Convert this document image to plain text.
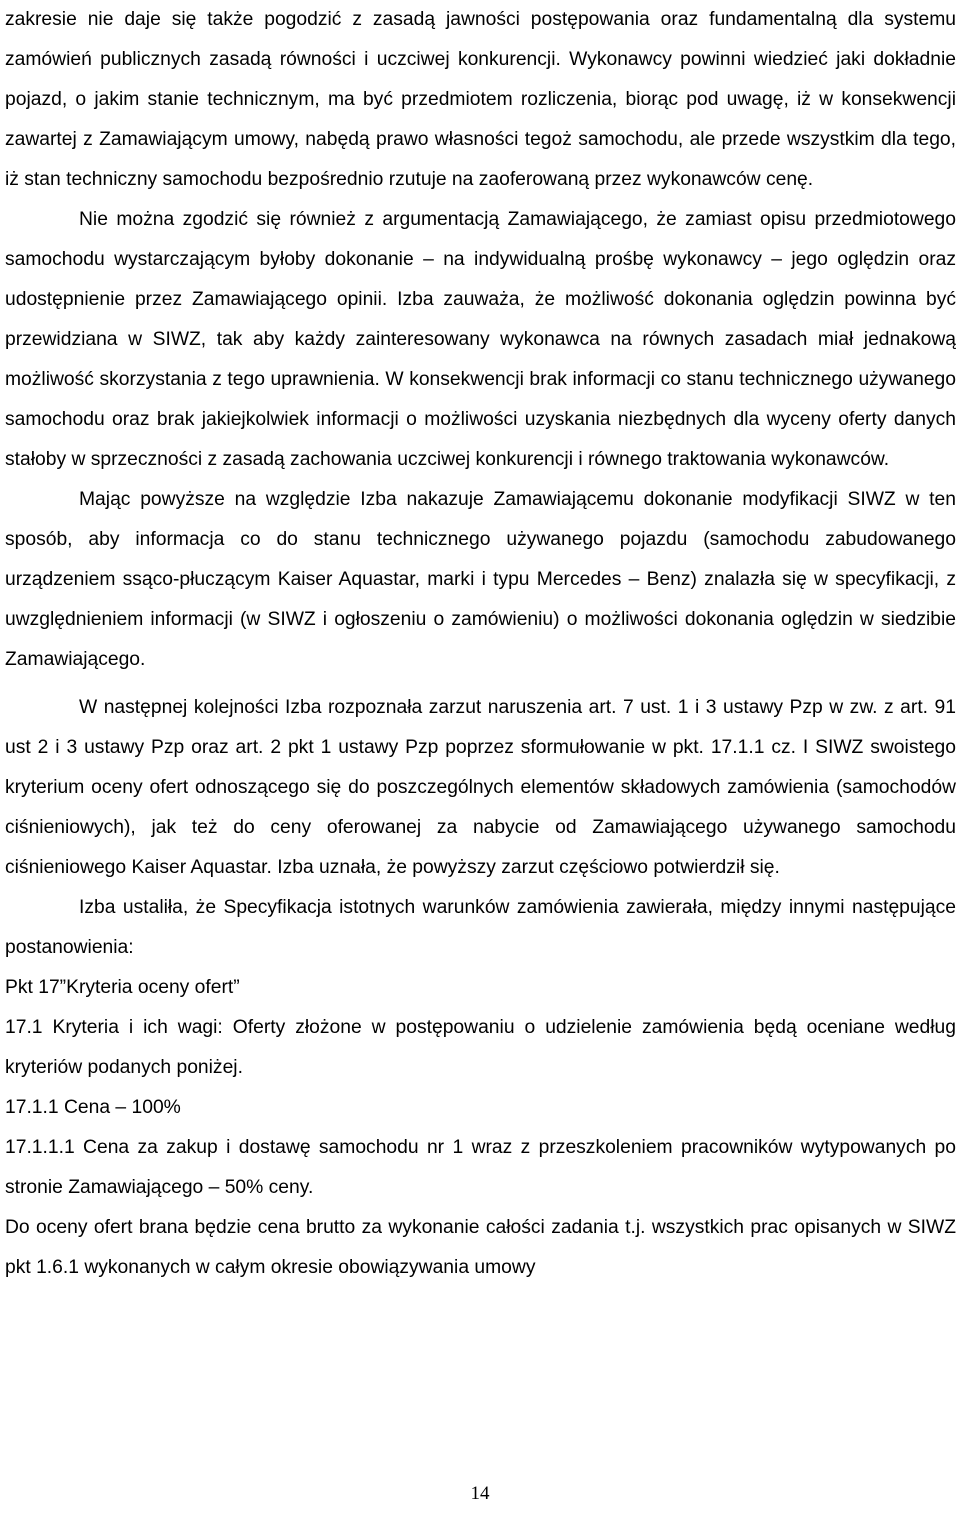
zakresie nie daje się także pogodzić z zasadą jawności postępowania oraz fundamentalną dla systemu zamówień publicznych zasadą równości i uczciwej konkurencji. Wykonawcy powinni wiedzieć jaki dokładnie pojazd, o jakim stanie technicznym, ma być przedmiotem rozliczenia, biorąc pod uwagę, iż w konsekwencji zawartej z Zamawiającym umowy, nabędą prawo własności tegoż samochodu, ale przede wszystkim dla tego, iż stan techniczny samochodu bezpośrednio rzutuje na zaoferowaną przez wykonawców cenę.

Nie można zgodzić się również z argumentacją Zamawiającego, że zamiast opisu przedmiotowego samochodu wystarczającym byłoby dokonanie – na indywidualną prośbę wykonawcy – jego oględzin oraz udostępnienie przez Zamawiającego opinii. Izba zauważa, że możliwość dokonania oględzin powinna być przewidziana w SIWZ, tak aby każdy zainteresowany wykonawca na równych zasadach miał jednakową możliwość skorzystania z tego uprawnienia. W konsekwencji brak informacji co stanu technicznego używanego samochodu oraz brak jakiejkolwiek informacji o możliwości uzyskania niezbędnych dla wyceny oferty danych stałoby w sprzeczności z zasadą zachowania uczciwej konkurencji i równego traktowania wykonawców.

Mając powyższe na względzie Izba nakazuje Zamawiającemu dokonanie modyfikacji SIWZ w ten sposób, aby informacja co do stanu technicznego używanego pojazdu (samochodu zabudowanego urządzeniem ssąco-płuczącym Kaiser Aquastar, marki i typu Mercedes – Benz) znalazła się w specyfikacji, z uwzględnieniem informacji (w SIWZ i ogłoszeniu o zamówieniu) o możliwości dokonania oględzin w siedzibie Zamawiającego.

W następnej kolejności Izba rozpoznała zarzut naruszenia art. 7 ust. 1 i 3 ustawy Pzp w zw. z art. 91 ust 2 i 3 ustawy Pzp oraz art. 2 pkt 1 ustawy Pzp poprzez sformułowanie w pkt. 17.1.1 cz. I SIWZ swoistego kryterium oceny ofert odnoszącego się do poszczególnych elementów składowych zamówienia (samochodów ciśnieniowych), jak też do ceny oferowanej za nabycie od Zamawiającego używanego samochodu ciśnieniowego Kaiser Aquastar. Izba uznała, że powyższy zarzut częściowo potwierdził się.

Izba ustaliła, że Specyfikacja istotnych warunków zamówienia zawierała, między innymi następujące postanowienia:

Pkt 17”Kryteria oceny ofert”

17.1 Kryteria i ich wagi: Oferty złożone w postępowaniu o udzielenie zamówienia będą oceniane według kryteriów podanych poniżej.

17.1.1 Cena – 100%

17.1.1.1 Cena za zakup i dostawę samochodu nr 1 wraz z przeszkoleniem pracowników wytypowanych po stronie Zamawiającego – 50% ceny.

Do oceny ofert brana będzie cena brutto za wykonanie całości zadania t.j. wszystkich prac opisanych w SIWZ pkt 1.6.1 wykonanych w całym okresie obowiązywania umowy

14
